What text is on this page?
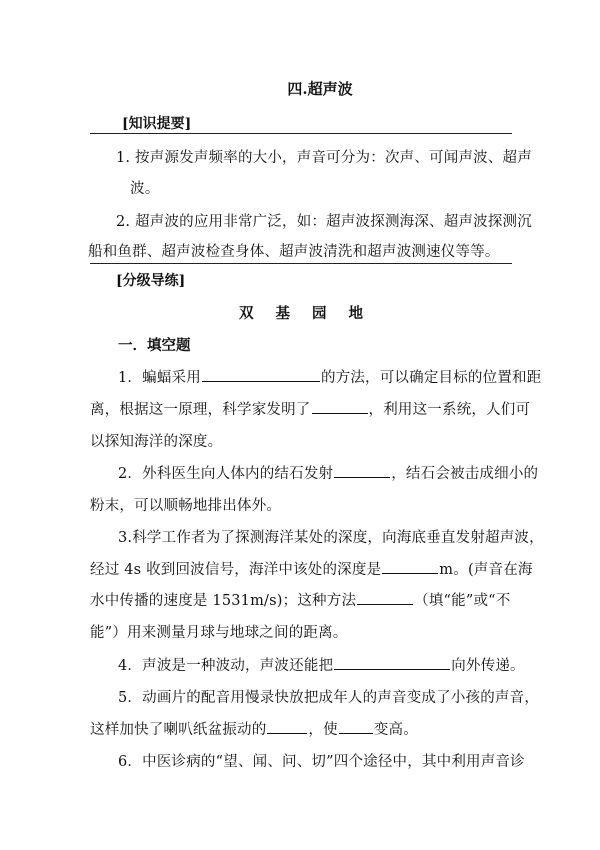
四.超声波
[知识提要]
1. 按声源发声频率的大小，声音可分为：次声、可闻声波、超声
波。
2. 超声波的应用非常广泛，如：超声波探测海深、超声波探测沉
船和鱼群、超声波检查身体、超声波清洗和超声波测速仪等等。
[分级导练]
双基园地
一．填空题
1．蝙蝠采用	的方法，可以确定目标的位置和距
离，根据这一原理，科学家发明了	，利用这一系统，人们可
以探知海洋的深度。
2．外科医生向人体内的结石发射	，结石会被击成细小的
粉末，可以顺畅地排出体外。
3.科学工作者为了探测海洋某处的深度，向海底垂直发射超声波，
经过 4s 收到回波信号，海洋中该处的深度是	m。(声音在海
水中传播的速度是 1531m/s)；这种方法	（填“能”或“不
能”）用来测量月球与地球之间的距离。
4．声波是一种波动，声波还能把	向外传递。
5．动画片的配音用慢录快放把成年人的声音变成了小孩的声音，
这样加快了喇叭纸盆振动的	，使 变高。
6．中医诊病的“望、闻、问、切”四个途径中，其中利用声音诊
